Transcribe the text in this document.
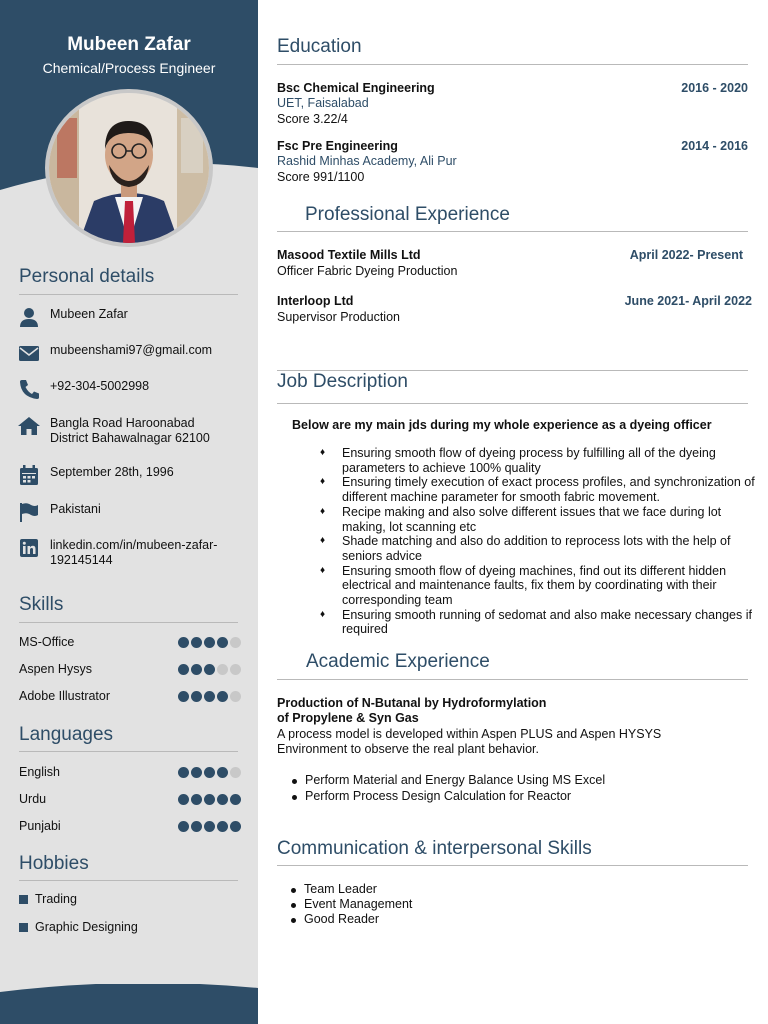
Mubeen Zafar
Chemical/Process Engineer
Personal details
Mubeen Zafar
mubeenshami97@gmail.com
+92-304-5002998
Bangla Road Haroonabad
District Bahawalnagar 62100
September 28th, 1996
Pakistani
linkedin.com/in/mubeen-zafar-
192145144
Skills
MS-Office
Aspen Hysys
Adobe Illustrator
Languages
English
Urdu
Punjabi
Hobbies
Trading
Graphic Designing
Education
Bsc Chemical Engineering	2016 - 2020
UET, Faisalabad
Score 3.22/4
Fsc Pre Engineering	2014 - 2016
Rashid Minhas Academy, Ali Pur
Score 991/1100
Professional Experience
Masood Textile Mills Ltd	April 2022- Present
Officer Fabric Dyeing Production
Interloop Ltd	June 2021- April 2022
Supervisor Production
Job Description
Below are my main jds during my whole experience as a dyeing officer
♦ Ensuring smooth flow of dyeing process by fulfilling all of the dyeing parameters to achieve 100% quality
♦ Ensuring timely execution of exact process profiles, and synchronization of different machine parameter for smooth fabric movement.
♦ Recipe making and also solve different issues that we face during lot making, lot scanning etc
♦ Shade matching and also do addition to reprocess lots with the help of seniors advice
♦ Ensuring smooth flow of dyeing machines, find out its different hidden electrical and maintenance faults, fix them by coordinating with their corresponding team
♦ Ensuring smooth running of sedomat and also make necessary changes if required
Academic Experience
Production of N-Butanal by Hydroformylation
of Propylene & Syn Gas
A process model is developed within Aspen PLUS and Aspen HYSYS
Environment to observe the real plant behavior.
Perform Material and Energy Balance Using MS Excel
Perform Process Design Calculation for Reactor
Communication & interpersonal Skills
Team Leader
Event Management
Good Reader
